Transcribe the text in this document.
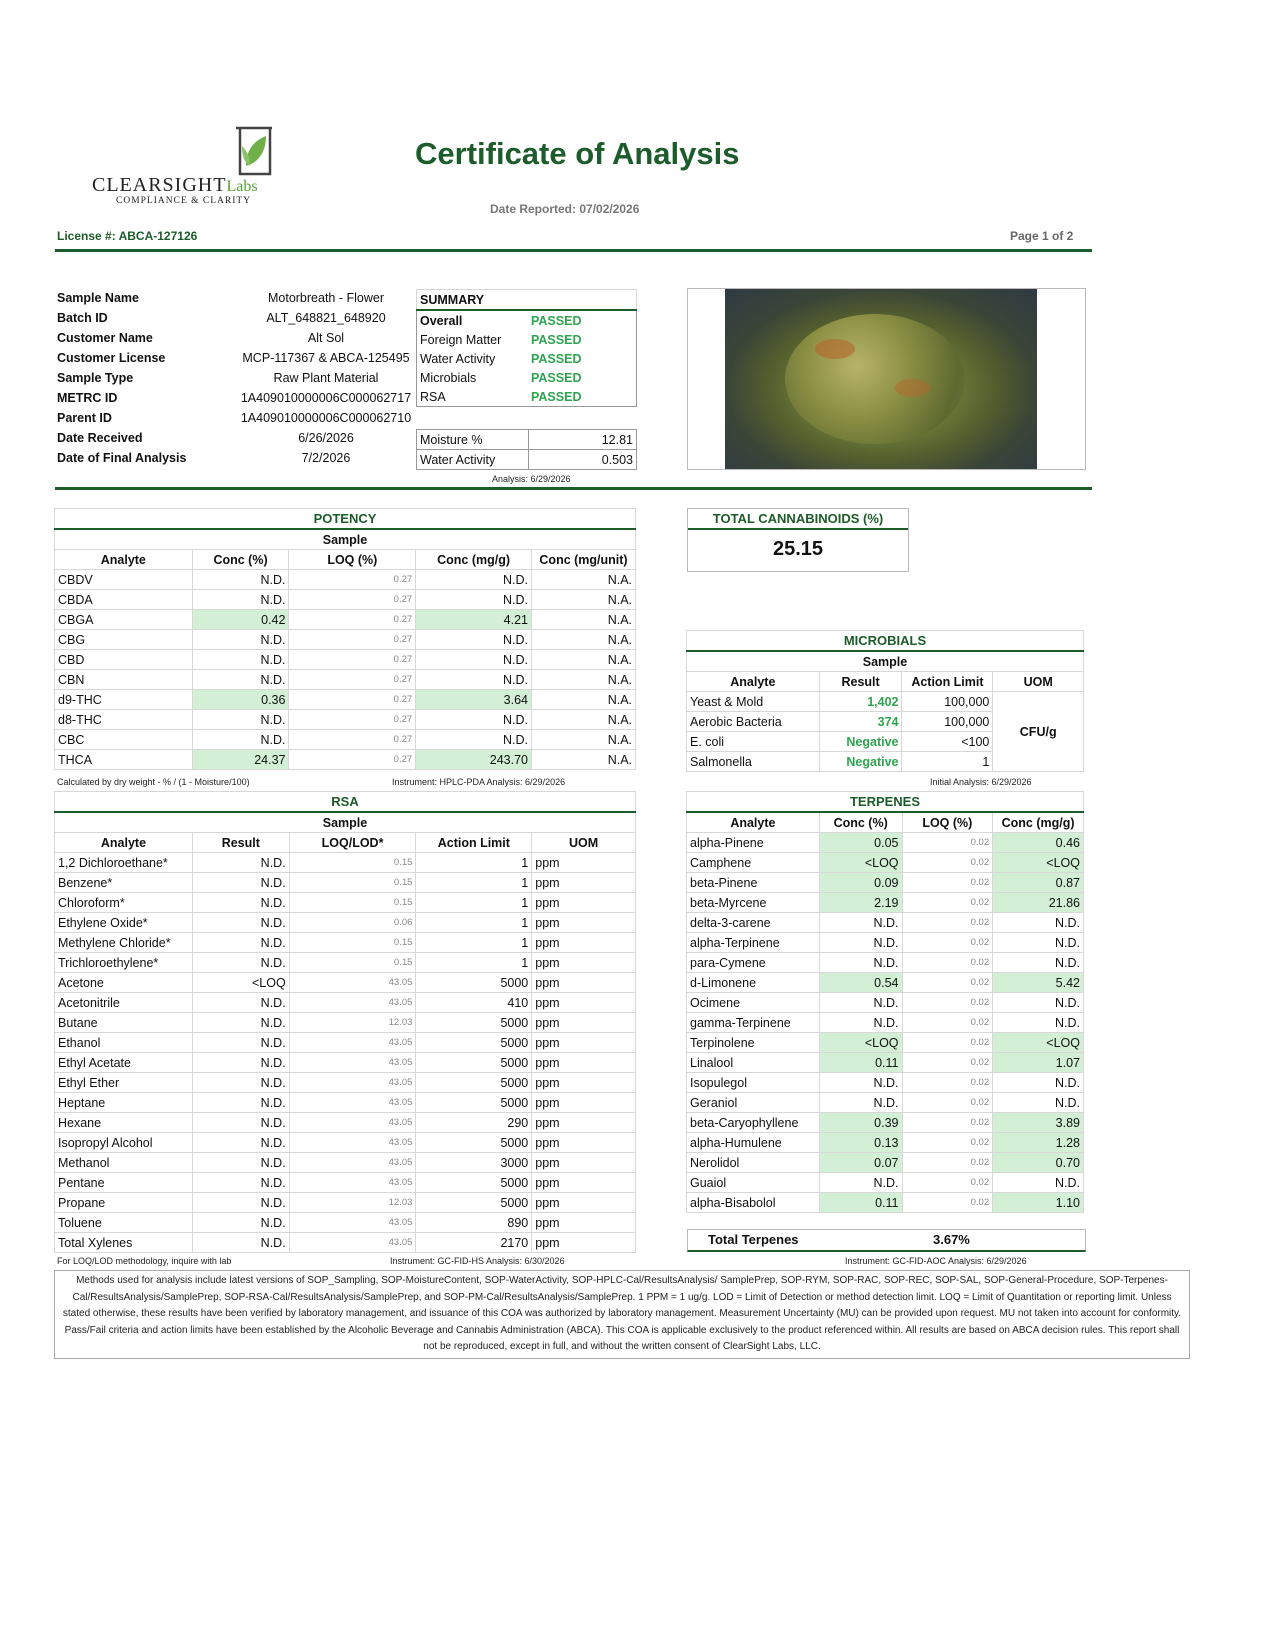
CLEARSIGHTLabs
COMPLIANCE & CLARITY
Certificate of Analysis
Date Reported: 07/02/2026
License #: ABCA-127126	Page 1 of 2
Sample Name	Motorbreath - Flower
Batch ID	ALT_648821_648920
Customer Name	Alt Sol
Customer License	MCP-117367 & ABCA-125495
Sample Type	Raw Plant Material
METRC ID	1A409010000006C000062717
Parent ID	1A409010000006C000062710
Date Received	6/26/2026
Date of Final Analysis	7/2/2026
SUMMARY	
Overall	PASSED
Foreign Matter	PASSED
Water Activity	PASSED
Microbials	PASSED
RSA	PASSED
Moisture %	12.81
Water Activity	0.503
Analysis: 6/29/2026
POTENCY				
Sample				
Analyte	Conc (%)	LOQ (%)	Conc (mg/g)	Conc (mg/unit)
CBDV	N.D.	0.27	N.D.	N.A.
CBDA	N.D.	0.27	N.D.	N.A.
CBGA	0.42	0.27	4.21	N.A.
CBG	N.D.	0.27	N.D.	N.A.
CBD	N.D.	0.27	N.D.	N.A.
CBN	N.D.	0.27	N.D.	N.A.
d9-THC	0.36	0.27	3.64	N.A.
d8-THC	N.D.	0.27	N.D.	N.A.
CBC	N.D.	0.27	N.D.	N.A.
THCA	24.37	0.27	243.70	N.A.
Calculated by dry weight - % / (1 - Moisture/100)	Instrument: HPLC-PDA Analysis: 6/29/2026
TOTAL CANNABINOIDS (%)
25.15
MICROBIALS			
Sample			
Analyte	Result	Action Limit	UOM
Yeast & Mold	1,402	100,000	CFU/g
Aerobic Bacteria	374	100,000	
E. coli	Negative	<100	
Salmonella	Negative	1	
Initial Analysis: 6/29/2026
RSA				
Sample				
Analyte	Result	LOQ/LOD*	Action Limit	UOM
1,2 Dichloroethane*	N.D.	0.15	1	ppm
Benzene*	N.D.	0.15	1	ppm
Chloroform*	N.D.	0.15	1	ppm
Ethylene Oxide*	N.D.	0.06	1	ppm
Methylene Chloride*	N.D.	0.15	1	ppm
Trichloroethylene*	N.D.	0.15	1	ppm
Acetone	<LOQ	43.05	5000	ppm
Acetonitrile	N.D.	43.05	410	ppm
Butane	N.D.	12.03	5000	ppm
Ethanol	N.D.	43.05	5000	ppm
Ethyl Acetate	N.D.	43.05	5000	ppm
Ethyl Ether	N.D.	43.05	5000	ppm
Heptane	N.D.	43.05	5000	ppm
Hexane	N.D.	43.05	290	ppm
Isopropyl Alcohol	N.D.	43.05	5000	ppm
Methanol	N.D.	43.05	3000	ppm
Pentane	N.D.	43.05	5000	ppm
Propane	N.D.	12.03	5000	ppm
Toluene	N.D.	43.05	890	ppm
Total Xylenes	N.D.	43.05	2170	ppm
For LOQ/LOD methodology, inquire with lab	Instrument: GC-FID-HS Analysis: 6/30/2026
TERPENES			
Analyte	Conc (%)	LOQ (%)	Conc (mg/g)
alpha-Pinene	0.05	0.02	0.46
Camphene	<LOQ	0.02	<LOQ
beta-Pinene	0.09	0.02	0.87
beta-Myrcene	2.19	0.02	21.86
delta-3-carene	N.D.	0.02	N.D.
alpha-Terpinene	N.D.	0.02	N.D.
para-Cymene	N.D.	0.02	N.D.
d-Limonene	0.54	0.02	5.42
Ocimene	N.D.	0.02	N.D.
gamma-Terpinene	N.D.	0.02	N.D.
Terpinolene	<LOQ	0.02	<LOQ
Linalool	0.11	0.02	1.07
Isopulegol	N.D.	0.02	N.D.
Geraniol	N.D.	0.02	N.D.
beta-Caryophyllene	0.39	0.02	3.89
alpha-Humulene	0.13	0.02	1.28
Nerolidol	0.07	0.02	0.70
Guaiol	N.D.	0.02	N.D.
alpha-Bisabolol	0.11	0.02	1.10
Total Terpenes	3.67%
Instrument: GC-FID-AOC Analysis: 6/29/2026
Methods used for analysis include latest versions of SOP_Sampling, SOP-MoistureContent, SOP-WaterActivity, SOP-HPLC-Cal/ResultsAnalysis/ SamplePrep, SOP-RYM, SOP-RAC, SOP-REC, SOP-SAL, SOP-General-Procedure, SOP-Terpenes-Cal/ResultsAnalysis/SamplePrep, SOP-RSA-Cal/ResultsAnalysis/SamplePrep, and SOP-PM-Cal/ResultsAnalysis/SamplePrep. 1 PPM = 1 ug/g. LOD = Limit of Detection or method detection limit. LOQ = Limit of Quantitation or reporting limit. Unless stated otherwise, these results have been verified by laboratory management, and issuance of this COA was authorized by laboratory management. Measurement Uncertainty (MU) can be provided upon request. MU not taken into account for conformity. Pass/Fail criteria and action limits have been established by the Alcoholic Beverage and Cannabis Administration (ABCA). This COA is applicable exclusively to the product referenced within. All results are based on ABCA decision rules. This report shall not be reproduced, except in full, and without the written consent of ClearSight Labs, LLC.
